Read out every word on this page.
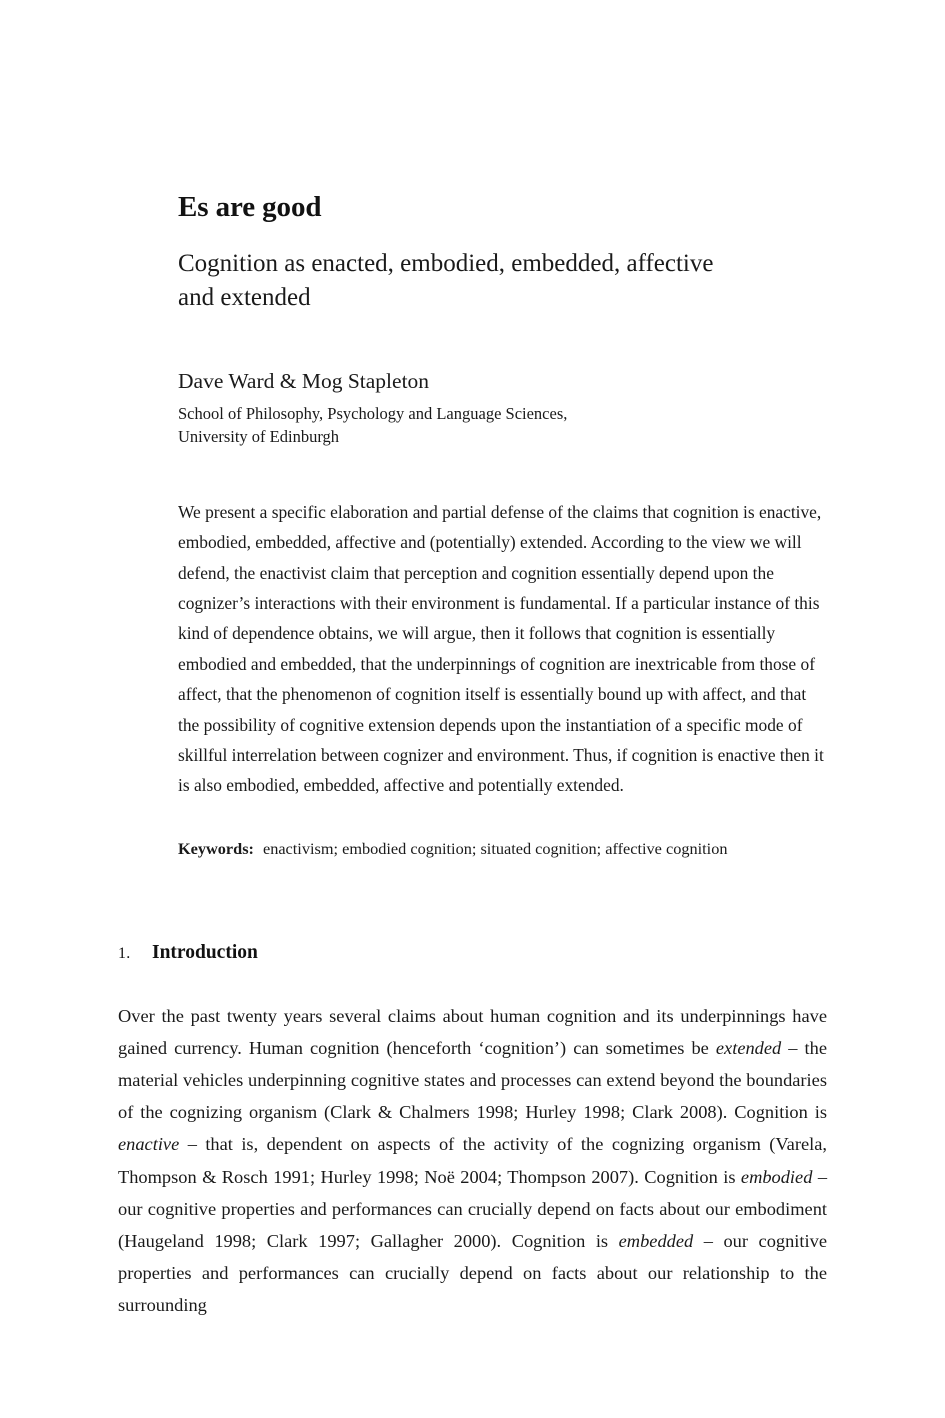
Es are good
Cognition as enacted, embodied, embedded, affective and extended

Dave Ward & Mog Stapleton

School of Philosophy, Psychology and Language Sciences,

University of Edinburgh

We present a specific elaboration and partial defense of the claims that cognition is enactive, embodied, embedded, affective and (potentially) extended. According to the view we will defend, the enactivist claim that perception and cognition essentially depend upon the cognizer’s interactions with their environment is fundamental. If a particular instance of this kind of dependence obtains, we will argue, then it follows that cognition is essentially embodied and embedded, that the underpinnings of cognition are inextricable from those of affect, that the phenomenon of cognition itself is essentially bound up with affect, and that the possibility of cognitive extension depends upon the instantiation of a specific mode of skillful interrelation between cognizer and environment. Thus, if cognition is enactive then it is also embodied, embedded, affective and potentially extended.

Keywords: enactivism; embodied cognition; situated cognition; affective cognition
1.	Introduction

Over the past twenty years several claims about human cognition and its underpinnings have gained currency. Human cognition (henceforth ‘cognition’) can sometimes be extended – the material vehicles underpinning cognitive states and processes can extend beyond the boundaries of the cognizing organism (Clark & Chalmers 1998; Hurley 1998; Clark 2008). Cognition is enactive – that is, dependent on aspects of the activity of the cognizing organism (Varela, Thompson & Rosch 1991; Hurley 1998; Noë 2004; Thompson 2007). Cognition is embodied – our cognitive properties and performances can crucially depend on facts about our embodiment (Haugeland 1998; Clark 1997; Gallagher 2000). Cognition is embedded – our cognitive properties and performances can crucially depend on facts about our relationship to the surrounding
